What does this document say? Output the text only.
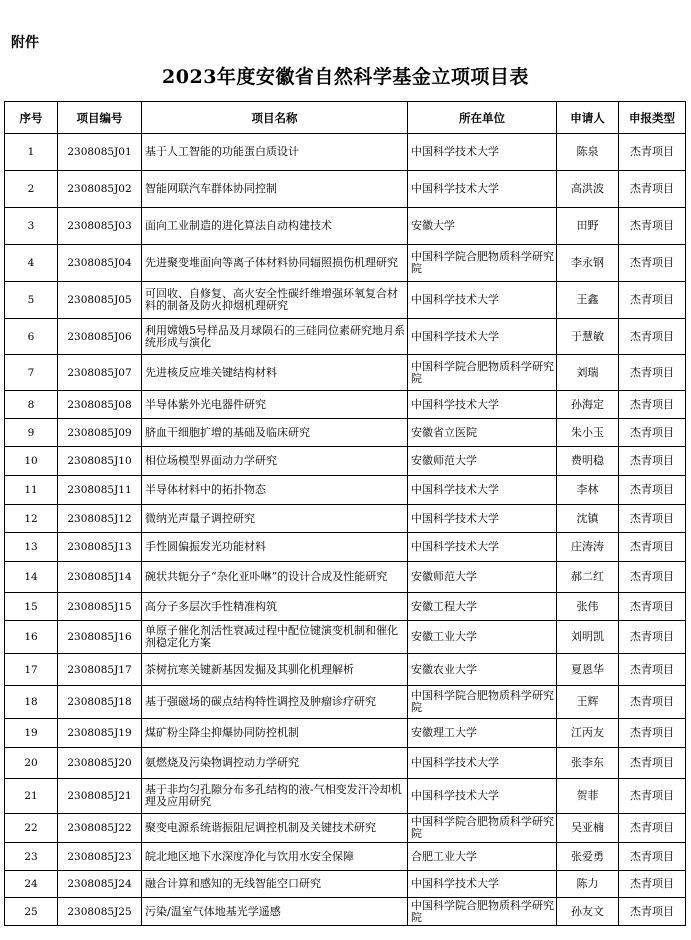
附件
2023年度安徽省自然科学基金立项项目表
序号	项目编号	项目名称	所在单位	申请人	申报类型
1	2308085J01	基于人工智能的功能蛋白质设计	中国科学技术大学	陈泉	杰青项目
2	2308085J02	智能网联汽车群体协同控制	中国科学技术大学	高洪波	杰青项目
3	2308085J03	面向工业制造的进化算法自动构建技术	安徽大学	田野	杰青项目
4	2308085J04	先进聚变堆面向等离子体材料协同辐照损伤机理研究	中国科学院合肥物质科学研究院	李永钢	杰青项目
5	2308085J05	可回收、自修复、高火安全性碳纤维增强环氧复合材料的制备及防火抑烟机理研究	中国科学技术大学	王鑫	杰青项目
6	2308085J06	利用嫦娥5号样品及月球陨石的三硅同位素研究地月系统形成与演化	中国科学技术大学	于慧敏	杰青项目
7	2308085J07	先进核反应堆关键结构材料	中国科学院合肥物质科学研究院	刘瑞	杰青项目
8	2308085J08	半导体紫外光电器件研究	中国科学技术大学	孙海定	杰青项目
9	2308085J09	脐血干细胞扩增的基础及临床研究	安徽省立医院	朱小玉	杰青项目
10	2308085J10	相位场模型界面动力学研究	安徽师范大学	费明稳	杰青项目
11	2308085J11	半导体材料中的拓扑物态	中国科学技术大学	李林	杰青项目
12	2308085J12	微纳光声量子调控研究	中国科学技术大学	沈镇	杰青项目
13	2308085J13	手性圆偏振发光功能材料	中国科学技术大学	庄涛涛	杰青项目
14	2308085J14	碗状共轭分子“杂化亚卟啉”的设计合成及性能研究	安徽师范大学	郝二红	杰青项目
15	2308085J15	高分子多层次手性精准构筑	安徽工程大学	张伟	杰青项目
16	2308085J16	单原子催化剂活性衰减过程中配位键演变机制和催化剂稳定化方案	安徽工业大学	刘明凯	杰青项目
17	2308085J17	茶树抗寒关键新基因发掘及其驯化机理解析	安徽农业大学	夏恩华	杰青项目
18	2308085J18	基于强磁场的碳点结构特性调控及肿瘤诊疗研究	中国科学院合肥物质科学研究院	王辉	杰青项目
19	2308085J19	煤矿粉尘降尘抑爆协同防控机制	安徽理工大学	江丙友	杰青项目
20	2308085J20	氨燃烧及污染物调控动力学研究	中国科学技术大学	张李东	杰青项目
21	2308085J21	基于非均匀孔隙分布多孔结构的液-气相变发汗冷却机理及应用研究	中国科学技术大学	贺菲	杰青项目
22	2308085J22	聚变电源系统谐振阻尼调控机制及关键技术研究	中国科学院合肥物质科学研究院	吴亚楠	杰青项目
23	2308085J23	皖北地区地下水深度净化与饮用水安全保障	合肥工业大学	张爱勇	杰青项目
24	2308085J24	融合计算和感知的无线智能空口研究	中国科学技术大学	陈力	杰青项目
25	2308085J25	污染/温室气体地基光学遥感	中国科学院合肥物质科学研究院	孙友文	杰青项目
